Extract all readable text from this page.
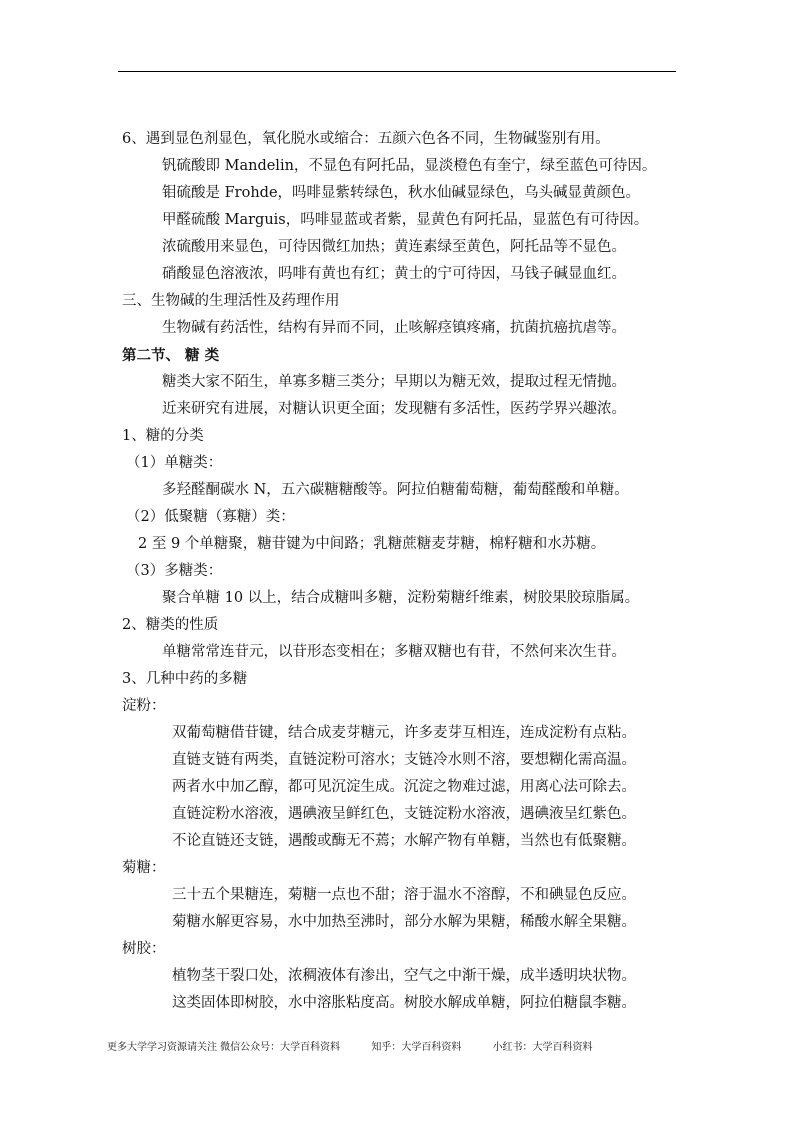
6、遇到显色剂显色，氧化脱水或缩合：五颜六色各不同，生物碱鉴别有用。
钒硫酸即 Mandelin，不显色有阿托品，显淡橙色有奎宁，绿至蓝色可待因。
钼硫酸是 Frohde，吗啡显紫转绿色，秋水仙碱显绿色，乌头碱显黄颜色。
甲醛硫酸 Marguis，吗啡显蓝或者紫，显黄色有阿托品，显蓝色有可待因。
浓硫酸用来显色，可待因微红加热；黄连素绿至黄色，阿托品等不显色。
硝酸显色溶液浓，吗啡有黄也有红；黄士的宁可待因，马钱子碱显血红。
三、生物碱的生理活性及药理作用
生物碱有药活性，结构有异而不同，止咳解痉镇疼痛，抗菌抗癌抗虐等。
第二节、 糖 类
糖类大家不陌生，单寡多糖三类分；早期以为糖无效，提取过程无情抛。
近来研究有进展，对糖认识更全面；发现糖有多活性，医药学界兴趣浓。
1、糖的分类
（1）单糖类：
多羟醛酮碳水 N，五六碳糖糖酸等。阿拉伯糖葡萄糖，葡萄醛酸和单糖。
（2）低聚糖（寡糖）类：
2 至 9 个单糖聚，糖苷键为中间路；乳糖蔗糖麦芽糖，棉籽糖和水苏糖。
（3）多糖类：
聚合单糖 10 以上，结合成糖叫多糖，淀粉菊糖纤维素，树胶果胶琼脂属。
2、糖类的性质
单糖常常连苷元，以苷形态变相在；多糖双糖也有苷，不然何来次生苷。
3、几种中药的多糖
淀粉：
双葡萄糖借苷键，结合成麦芽糖元，许多麦芽互相连，连成淀粉有点粘。
直链支链有两类，直链淀粉可溶水；支链冷水则不溶，要想糊化需高温。
两者水中加乙醇，都可见沉淀生成。沉淀之物难过滤，用离心法可除去。
直链淀粉水溶液，遇碘液呈鲜红色，支链淀粉水溶液，遇碘液呈红紫色。
不论直链还支链，遇酸或酶无不蔫；水解产物有单糖，当然也有低聚糖。
菊糖：
三十五个果糖连，菊糖一点也不甜；溶于温水不溶醇，不和碘显色反应。
菊糖水解更容易，水中加热至沸时，部分水解为果糖，稀酸水解全果糖。
树胶：
植物茎干裂口处，浓稠液体有渗出，空气之中渐干燥，成半透明块状物。
这类固体即树胶，水中溶胀粘度高。树胶水解成单糖，阿拉伯糖鼠李糖。
更多大学学习资源请关注 微信公众号：大学百科资料	知乎：大学百科资料	小红书：大学百科资料
